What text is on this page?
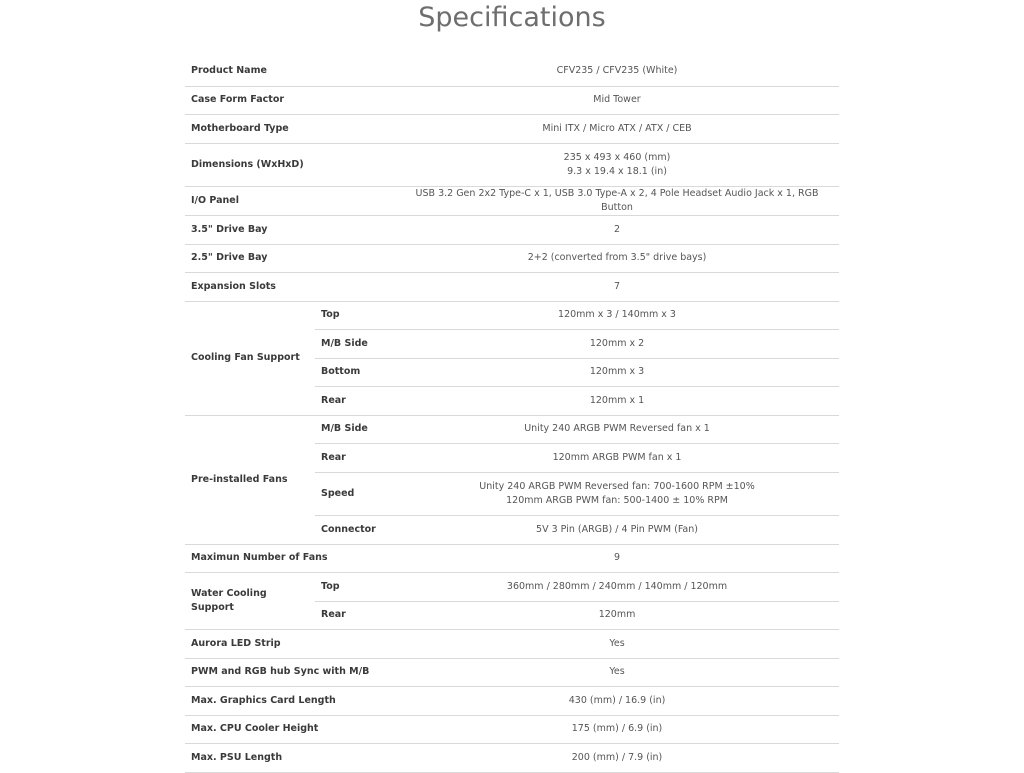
Specifications
Product Name		CFV235 / CFV235 (White)
Case Form Factor		Mid Tower
Motherboard Type		Mini ITX / Micro ATX / ATX / CEB
Dimensions (WxHxD)		235 x 493 x 460 (mm)
9.3 x 19.4 x 18.1 (in)

I/O Panel		USB 3.2 Gen 2x2 Type-C x 1, USB 3.0 Type-A x 2, 4 Pole Headset Audio Jack x 1, RGB Button
3.5" Drive Bay		2
2.5" Drive Bay		2+2 (converted from 3.5" drive bays)
Expansion Slots		7
Cooling Fan Support	Top	120mm x 3 / 140mm x 3
	M/B Side	120mm x 2
	Bottom	120mm x 3
	Rear	120mm x 1
Pre-installed Fans	M/B Side	Unity 240 ARGB PWM Reversed fan x 1
	Rear	120mm ARGB PWM fan x 1
	Speed	Unity 240 ARGB PWM Reversed fan: 700-1600 RPM ±10%
120mm ARGB PWM fan: 500-1400 ± 10% RPM

	Connector	5V 3 Pin (ARGB) / 4 Pin PWM (Fan)
Maximun Number of Fans		9
Water Cooling Support	Top	360mm / 280mm / 240mm / 140mm / 120mm
	Rear	120mm
Aurora LED Strip		Yes
PWM and RGB hub Sync with M/B		Yes
Max. Graphics Card Length		430 (mm) / 16.9 (in)
Max. CPU Cooler Height		175 (mm) / 6.9 (in)
Max. PSU Length		200 (mm) / 7.9 (in)
